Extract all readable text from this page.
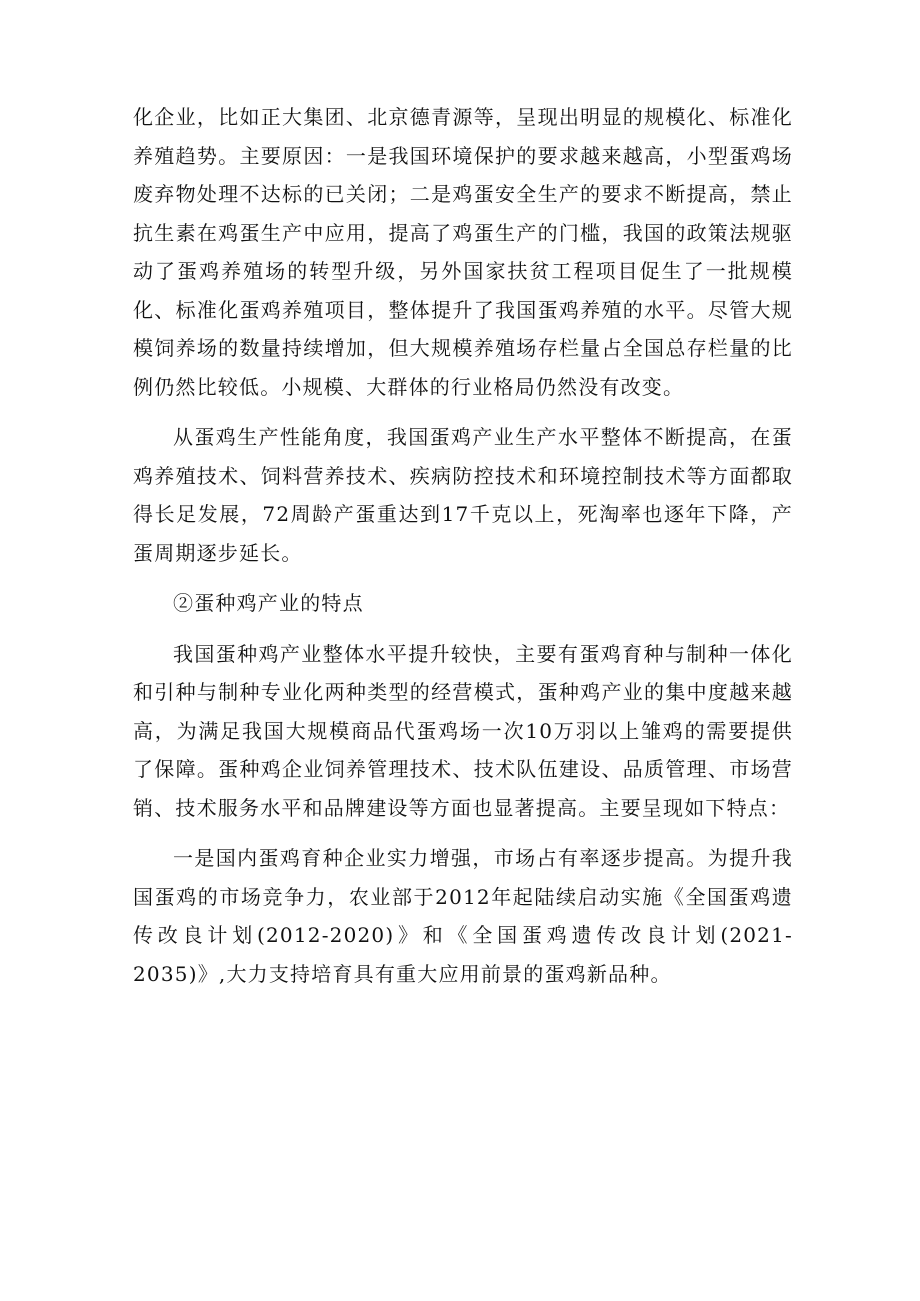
化企业，比如正大集团、北京德青源等，呈现出明显的规模化、标准化养殖趋势。主要原因：一是我国环境保护的要求越来越高，小型蛋鸡场废弃物处理不达标的已关闭；二是鸡蛋安全生产的要求不断提高，禁止抗生素在鸡蛋生产中应用，提高了鸡蛋生产的门槛，我国的政策法规驱动了蛋鸡养殖场的转型升级，另外国家扶贫工程项目促生了一批规模化、标准化蛋鸡养殖项目，整体提升了我国蛋鸡养殖的水平。尽管大规模饲养场的数量持续增加，但大规模养殖场存栏量占全国总存栏量的比例仍然比较低。小规模、大群体的行业格局仍然没有改变。

从蛋鸡生产性能角度，我国蛋鸡产业生产水平整体不断提高，在蛋鸡养殖技术、饲料营养技术、疾病防控技术和环境控制技术等方面都取得长足发展，72周龄产蛋重达到17千克以上，死淘率也逐年下降，产蛋周期逐步延长。

②蛋种鸡产业的特点

我国蛋种鸡产业整体水平提升较快，主要有蛋鸡育种与制种一体化和引种与制种专业化两种类型的经营模式，蛋种鸡产业的集中度越来越高，为满足我国大规模商品代蛋鸡场一次10万羽以上雏鸡的需要提供了保障。蛋种鸡企业饲养管理技术、技术队伍建设、品质管理、市场营销、技术服务水平和品牌建设等方面也显著提高。主要呈现如下特点：

一是国内蛋鸡育种企业实力增强，市场占有率逐步提高。为提升我国蛋鸡的市场竞争力，农业部于2012年起陆续启动实施《全国蛋鸡遗传改良计划(2012-2020)》和《全国蛋鸡遗传改良计划(2021-2035)》,大力支持培育具有重大应用前景的蛋鸡新品种。
